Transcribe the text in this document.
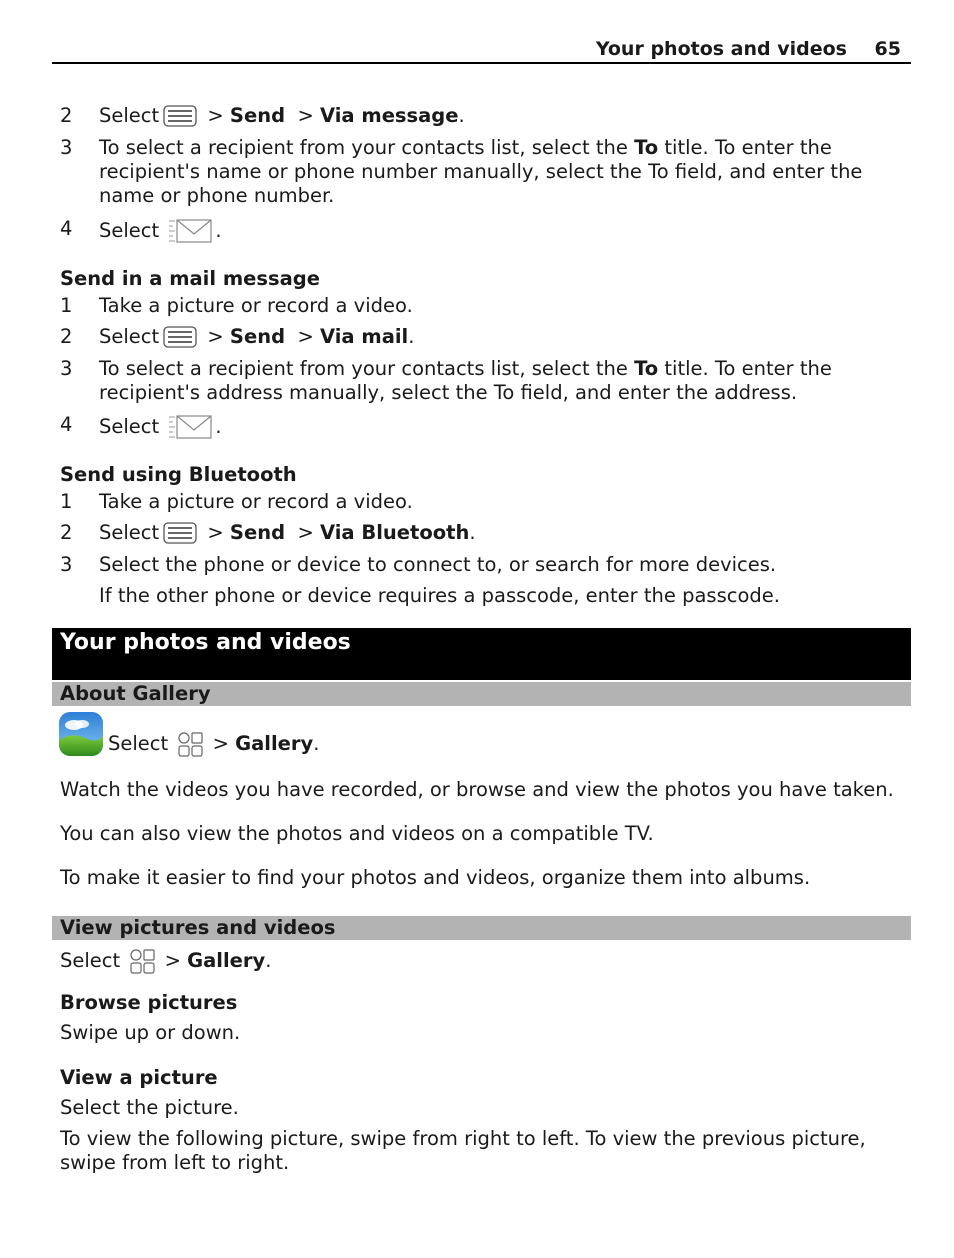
Your photos and videos 65
2	Select > Send > Via message.
3	To select a recipient from your contacts list, select the To title. To enter the recipient's name or phone number manually, select the To field, and enter the name or phone number.
4	Select	.
Send in a mail message
1	Take a picture or record a video.
2	Select > Send > Via mail.
3	To select a recipient from your contacts list, select the To title. To enter the recipient's address manually, select the To field, and enter the address.
4	Select	.
Send using Bluetooth
1	Take a picture or record a video.
2	Select > Send > Via Bluetooth.
3	Select the phone or device to connect to, or search for more devices.
If the other phone or device requires a passcode, enter the passcode.
Your photos and videos
About Gallery
Select > Gallery.
Watch the videos you have recorded, or browse and view the photos you have taken.
You can also view the photos and videos on a compatible TV.
To make it easier to find your photos and videos, organize them into albums.
View pictures and videos
Select > Gallery.
Browse pictures
Swipe up or down.
View a picture
Select the picture.
To view the following picture, swipe from right to left. To view the previous picture, swipe from left to right.
